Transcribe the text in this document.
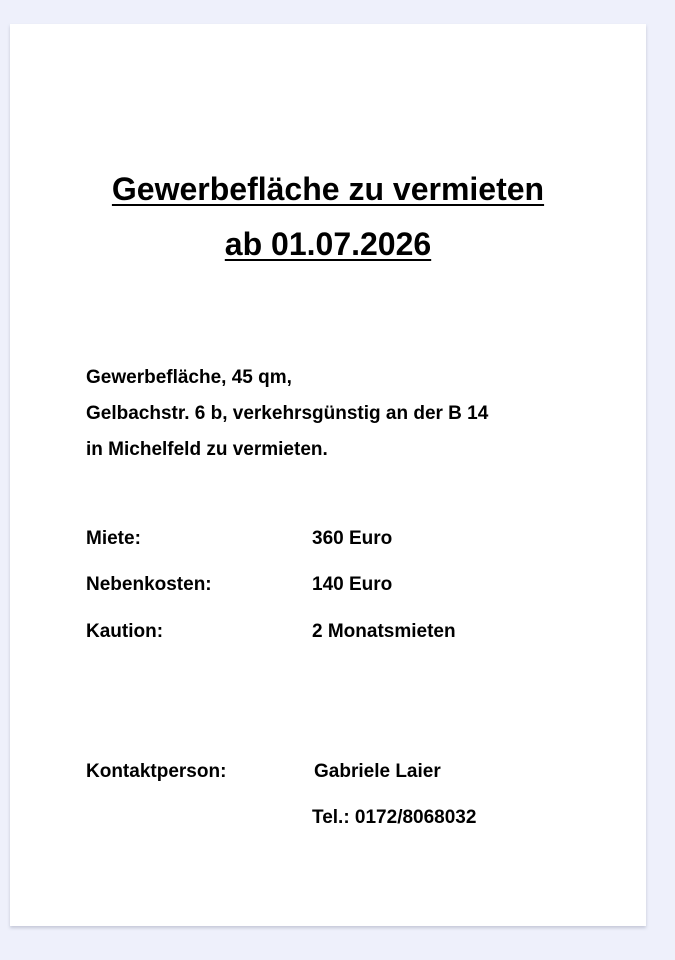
Gewerbefläche zu vermieten
ab 01.07.2026
Gewerbefläche, 45 qm,
Gelbachstr. 6 b, verkehrsgünstig an der B 14
in Michelfeld zu vermieten.
Miete:	360 Euro
Nebenkosten:	140 Euro
Kaution:	2 Monatsmieten
Kontaktperson:	Gabriele Laier
Tel.: 0172/8068032
